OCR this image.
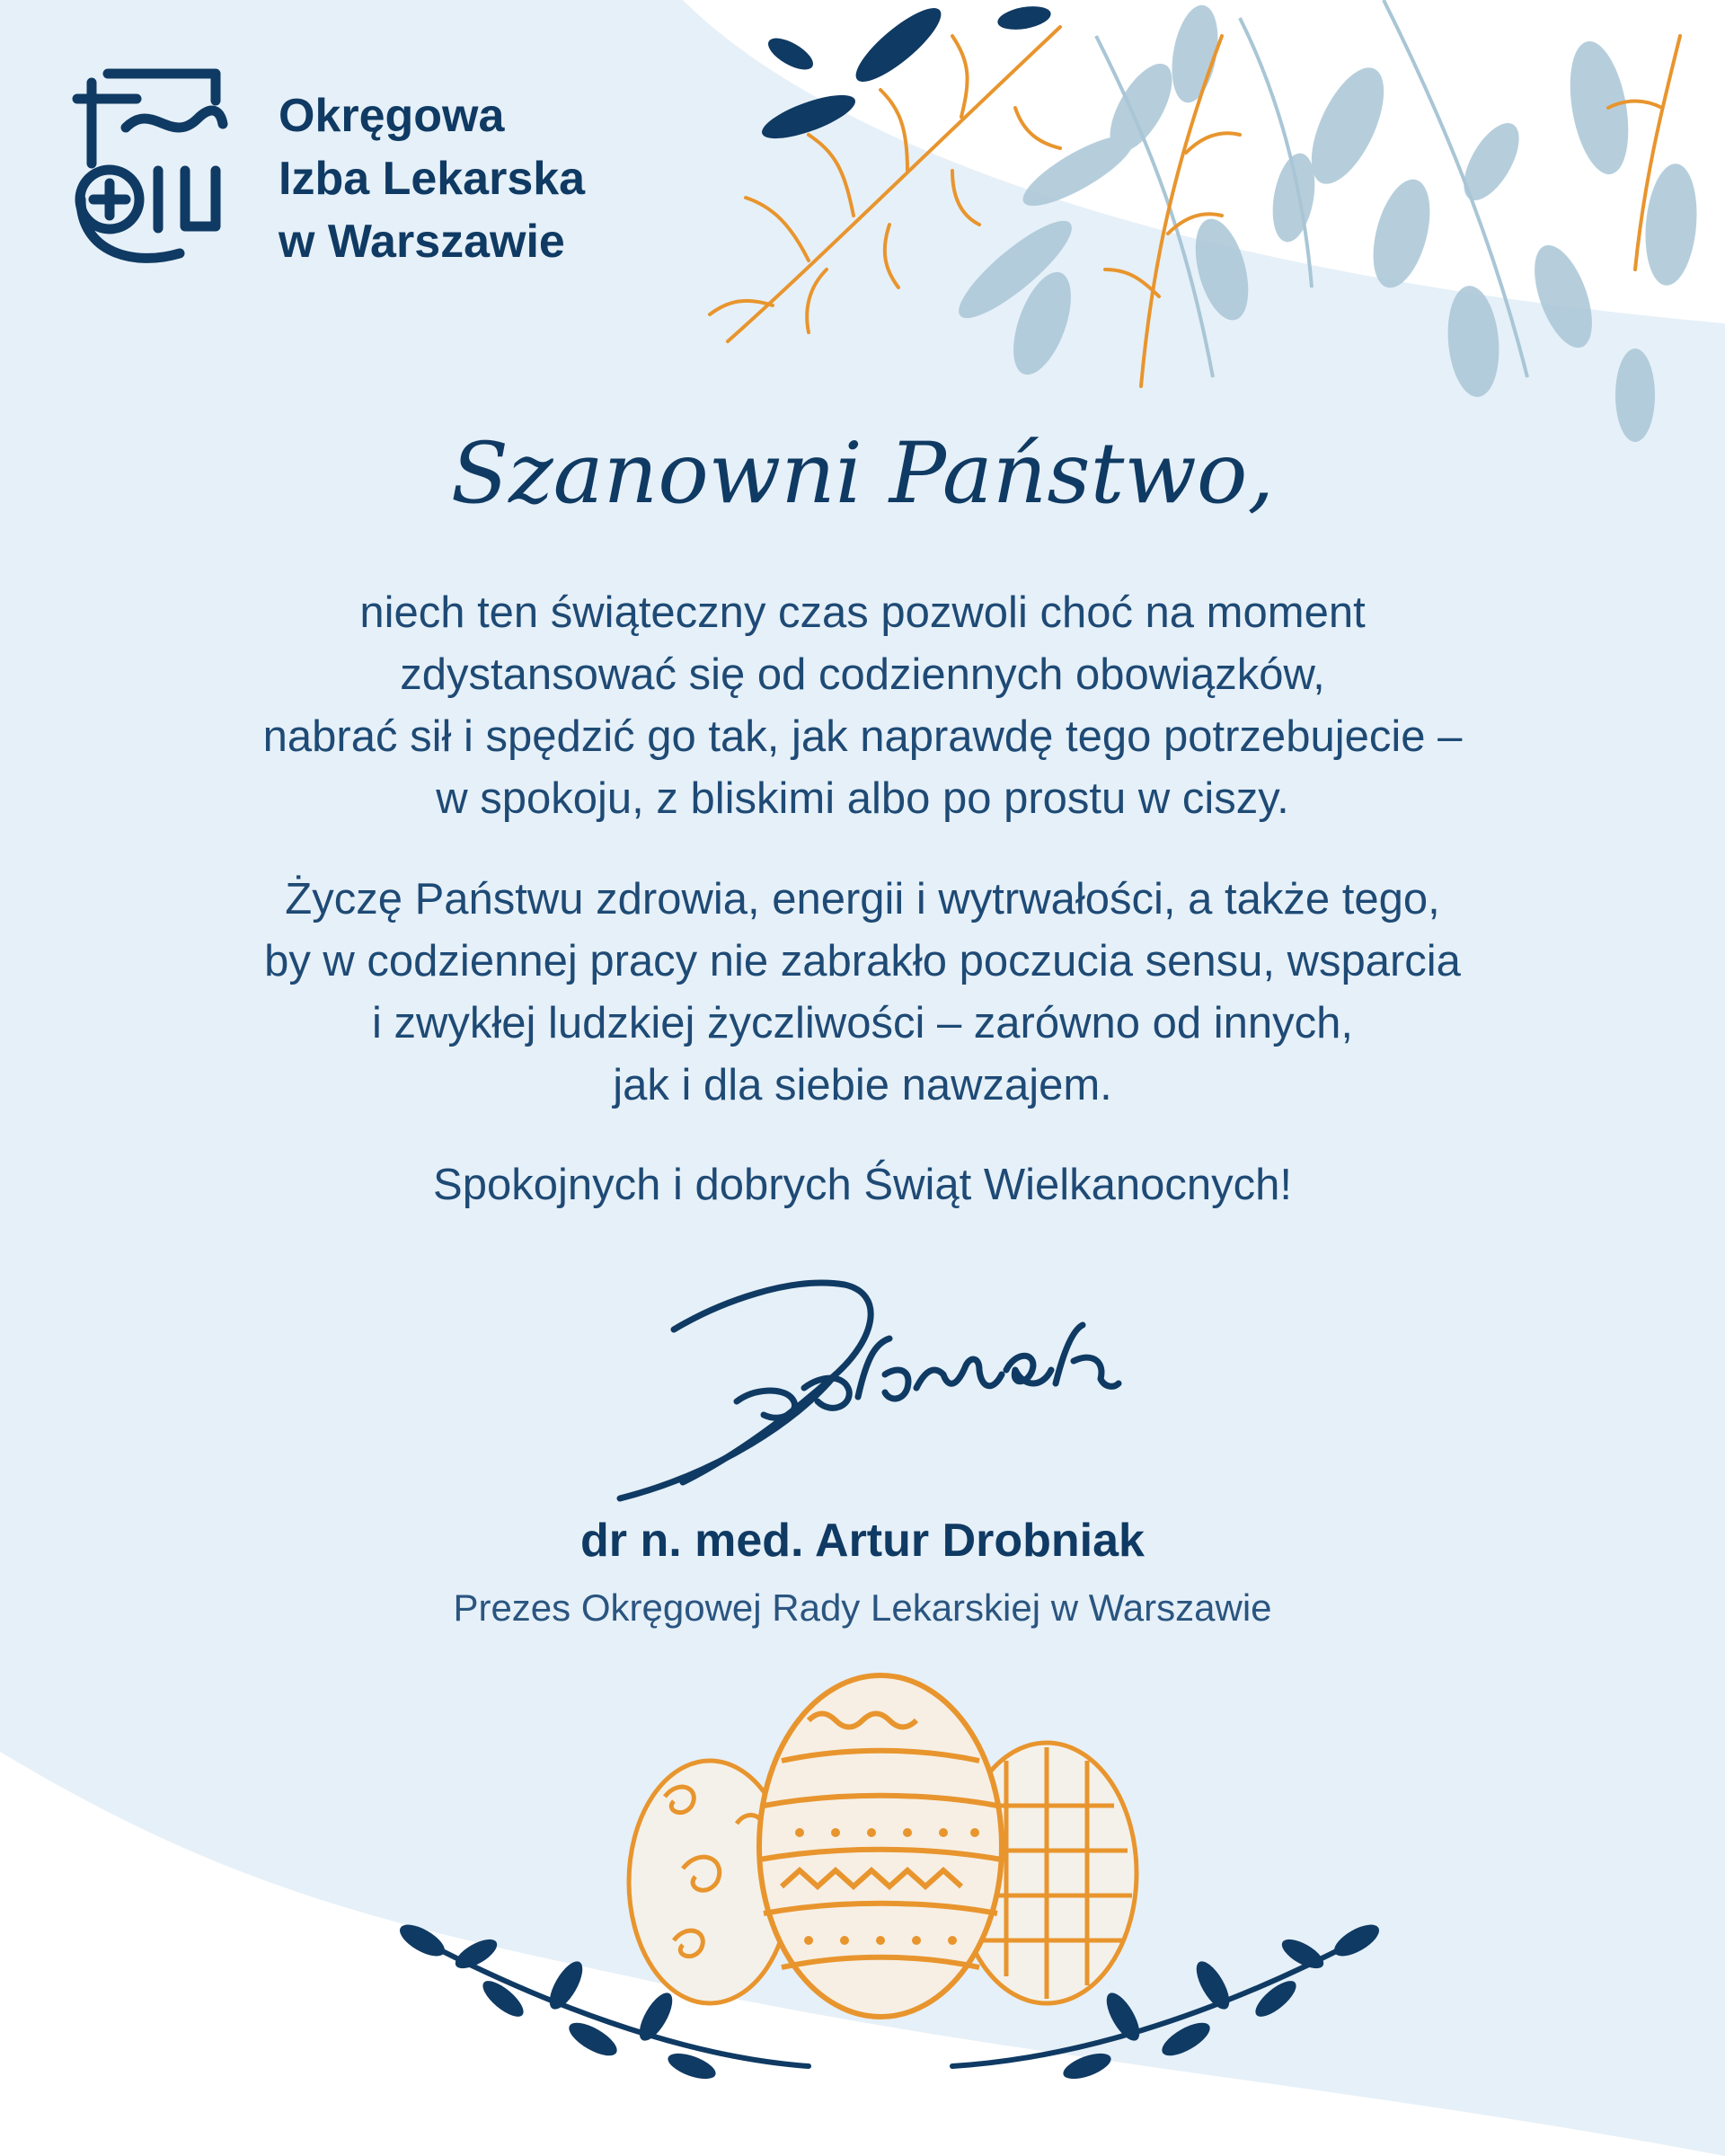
Okręgowa
Izba Lekarska
w Warszawie
Szanowni Państwo,
niech ten świąteczny czas pozwoli choć na moment
zdystansować się od codziennych obowiązków,
nabrać sił i spędzić go tak, jak naprawdę tego potrzebujecie –
w spokoju, z bliskimi albo po prostu w ciszy.
Życzę Państwu zdrowia, energii i wytrwałości, a także tego,
by w codziennej pracy nie zabrakło poczucia sensu, wsparcia
i zwykłej ludzkiej życzliwości – zarówno od innych,
jak i dla siebie nawzajem.
Spokojnych i dobrych Świąt Wielkanocnych!
dr n. med. Artur Drobniak
Prezes Okręgowej Rady Lekarskiej w Warszawie
